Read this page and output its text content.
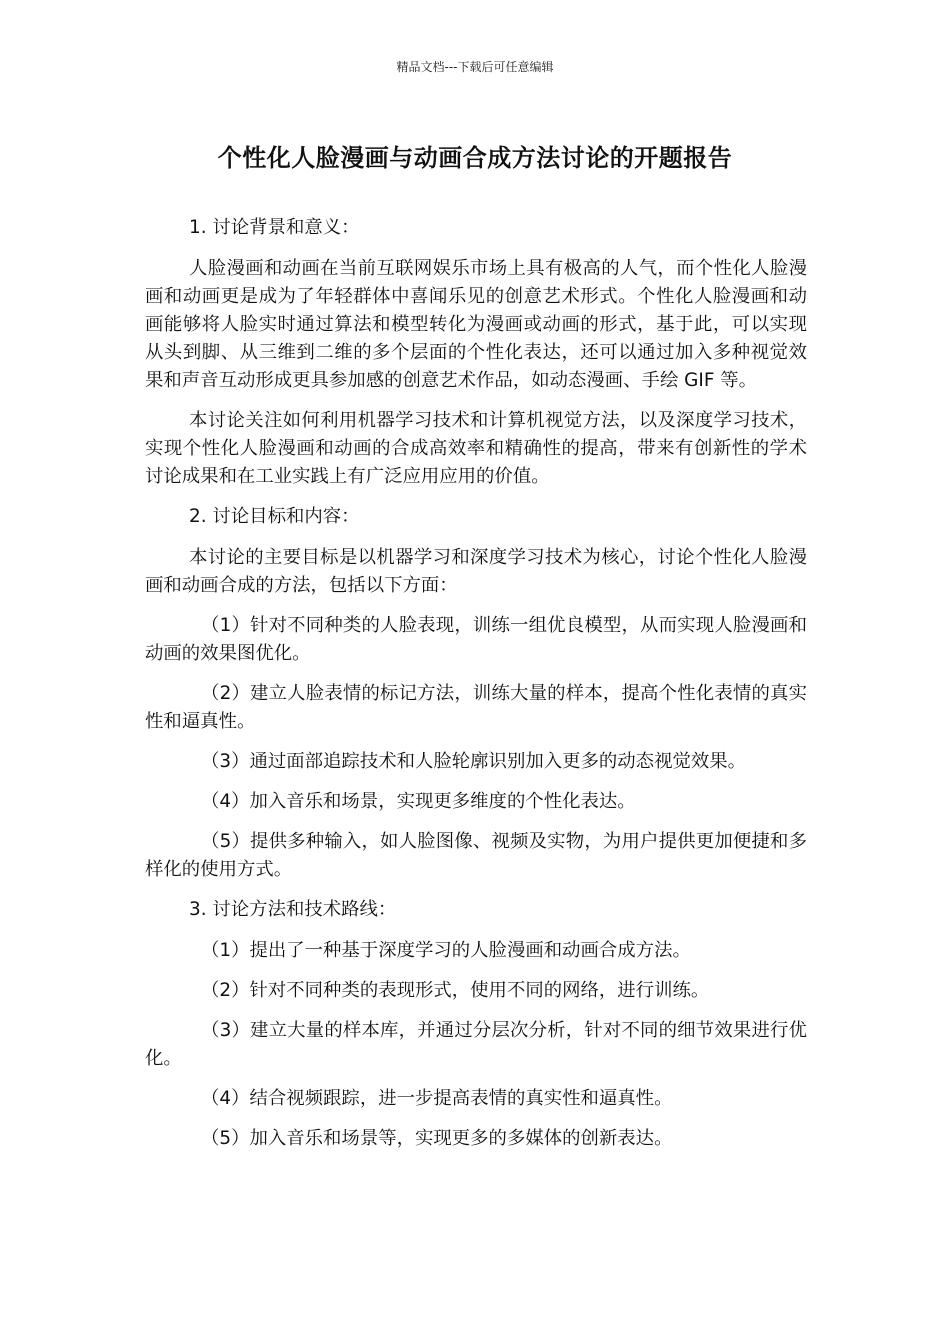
精品文档---下载后可任意编辑
个性化人脸漫画与动画合成方法讨论的开题报告

1. 讨论背景和意义：

人脸漫画和动画在当前互联网娱乐市场上具有极高的人气，而个性化人脸漫画和动画更是成为了年轻群体中喜闻乐见的创意艺术形式。个性化人脸漫画和动画能够将人脸实时通过算法和模型转化为漫画或动画的形式，基于此，可以实现从头到脚、从三维到二维的多个层面的个性化表达，还可以通过加入多种视觉效果和声音互动形成更具参加感的创意艺术作品，如动态漫画、手绘 GIF 等。

本讨论关注如何利用机器学习技术和计算机视觉方法，以及深度学习技术，实现个性化人脸漫画和动画的合成高效率和精确性的提高，带来有创新性的学术讨论成果和在工业实践上有广泛应用应用的价值。

2. 讨论目标和内容：

本讨论的主要目标是以机器学习和深度学习技术为核心，讨论个性化人脸漫画和动画合成的方法，包括以下方面：

（1）针对不同种类的人脸表现，训练一组优良模型，从而实现人脸漫画和动画的效果图优化。

（2）建立人脸表情的标记方法，训练大量的样本，提高个性化表情的真实性和逼真性。

（3）通过面部追踪技术和人脸轮廓识别加入更多的动态视觉效果。

（4）加入音乐和场景，实现更多维度的个性化表达。

（5）提供多种输入，如人脸图像、视频及实物，为用户提供更加便捷和多样化的使用方式。

3. 讨论方法和技术路线：

（1）提出了一种基于深度学习的人脸漫画和动画合成方法。

（2）针对不同种类的表现形式，使用不同的网络，进行训练。

（3）建立大量的样本库，并通过分层次分析，针对不同的细节效果进行优化。

（4）结合视频跟踪，进一步提高表情的真实性和逼真性。

（5）加入音乐和场景等，实现更多的多媒体的创新表达。
